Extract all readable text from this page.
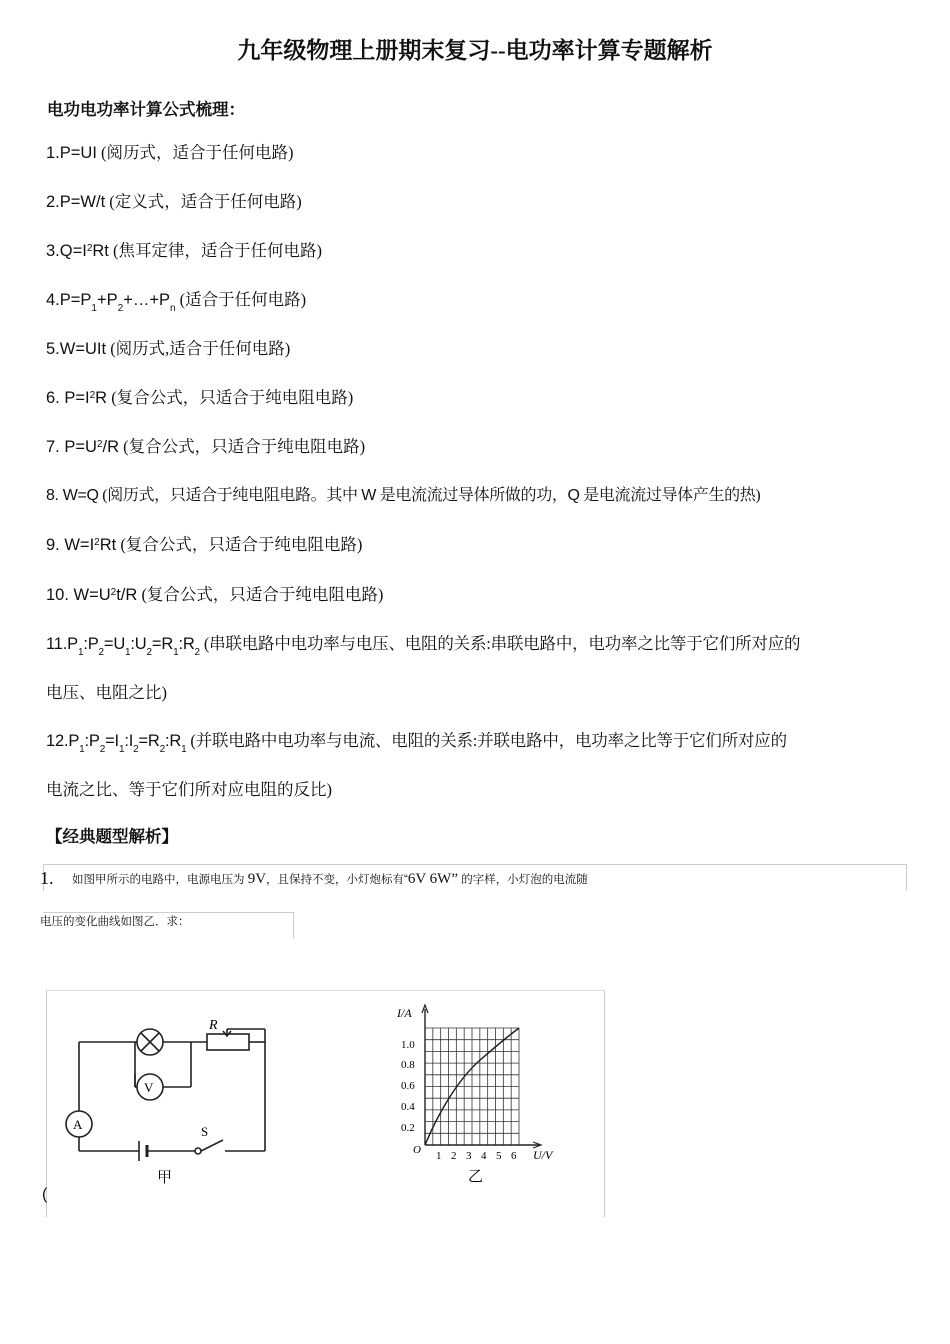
九年级物理上册期末复习--电功率计算专题解析
电功电功率计算公式梳理：
1.P=UI (阅历式，适合于任何电路)
2.P=W/t (定义式，适合于任何电路)
$3.Q=I^2Rt$ (焦耳定律，适合于任何电路)
$4.P=P_1+P_2+\dots+P_n$ (适合于任何电路)
5.W=UIt (阅历式,适合于任何电路)
6. $P=I^2R$ (复合公式，只适合于纯电阻电路)
7. $P=U^2/R$ (复合公式，只适合于纯电阻电路)
8. W=Q (阅历式，只适合于纯电阻电路。其中 W 是电流流过导体所做的功，Q 是电流流过导体产生的热)
9. $W=I^2Rt$ (复合公式，只适合于纯电阻电路)
10. $W=U^2t/R$ (复合公式，只适合于纯电阻电路)
$11.P_1:P_2=U_1:U_2=R_1:R_2$ (串联电路中电功率与电压、电阻的关系:串联电路中，电功率之比等于它们所对应的
电压、电阻之比)
$12.P_1:P_2=I_1:I_2=R_2:R_1$ (并联电路中电功率与电流、电阻的关系:并联电路中，电功率之比等于它们所对应的
电流之比、等于它们所对应电阻的反比)
【经典题型解析】
1. 如图甲所示的电路中，电源电压为 9V，且保持不变，小灯炮标有“6V 6W” 的字样，小灯泡的电流随
电压的变化曲线如图乙．求：
A
V
R
S
甲
I/A
U/V
O
0.2
0.4
0.6
0.8
1.0
1 2 3 4 5 6
乙
(
